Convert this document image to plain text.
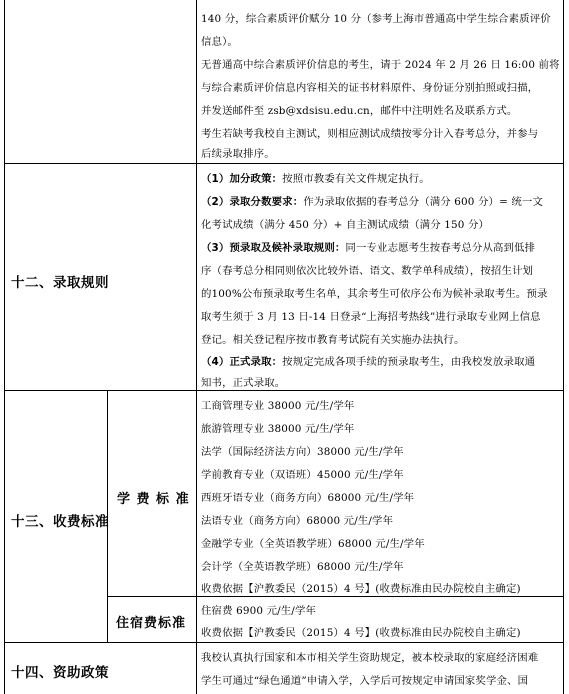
140 分，综合素质评价赋分 10 分（参考上海市普通高中学生综合素质评价
信息）。
无普通高中综合素质评价信息的考生，请于 2024 年 2 月 26 日 16:00 前将
与综合素质评价信息内容相关的证书材料原件、身份证分别拍照或扫描，
并发送邮件至 zsb@xdsisu.edu.cn，邮件中注明姓名及联系方式。
考生若缺考我校自主测试，则相应测试成绩按零分计入春考总分，并参与
后续录取排序。
十二、录取规则
（1）加分政策：按照市教委有关文件规定执行。
（2）录取分数要求：作为录取依据的春考总分（满分 600 分）= 统一文
化考试成绩（满分 450 分）+ 自主测试成绩（满分 150 分）
（3）预录取及候补录取规则：同一专业志愿考生按春考总分从高到低排
序（春考总分相同则依次比较外语、语文、数学单科成绩），按招生计划
的100%公布预录取考生名单，其余考生可依序公布为候补录取考生。预录
取考生须于 3 月 13 日-14 日登录“上海招考热线”进行录取专业网上信息
登记。相关登记程序按市教育考试院有关实施办法执行。
（4）正式录取：按规定完成各项手续的预录取考生，由我校发放录取通
知书，正式录取。
十三、收费标准
学 费 标 准
住宿费标准
工商管理专业 38000 元/生/学年
旅游管理专业 38000 元/生/学年
法学（国际经济法方向）38000 元/生/学年
学前教育专业（双语班）45000 元/生/学年
西班牙语专业（商务方向）68000 元/生/学年
法语专业（商务方向）68000 元/生/学年
金融学专业（全英语教学班）68000 元/生/学年
会计学（全英语教学班）68000 元/生/学年
收费依据【沪教委民（2015）4 号】(收费标准由民办院校自主确定)
住宿费 6900 元/生/学年
收费依据【沪教委民（2015）4 号】(收费标准由民办院校自主确定)
十四、资助政策
我校认真执行国家和本市相关学生资助规定，被本校录取的家庭经济困难
学生可通过“绿色通道”申请入学，入学后可按规定申请国家奖学金、国
